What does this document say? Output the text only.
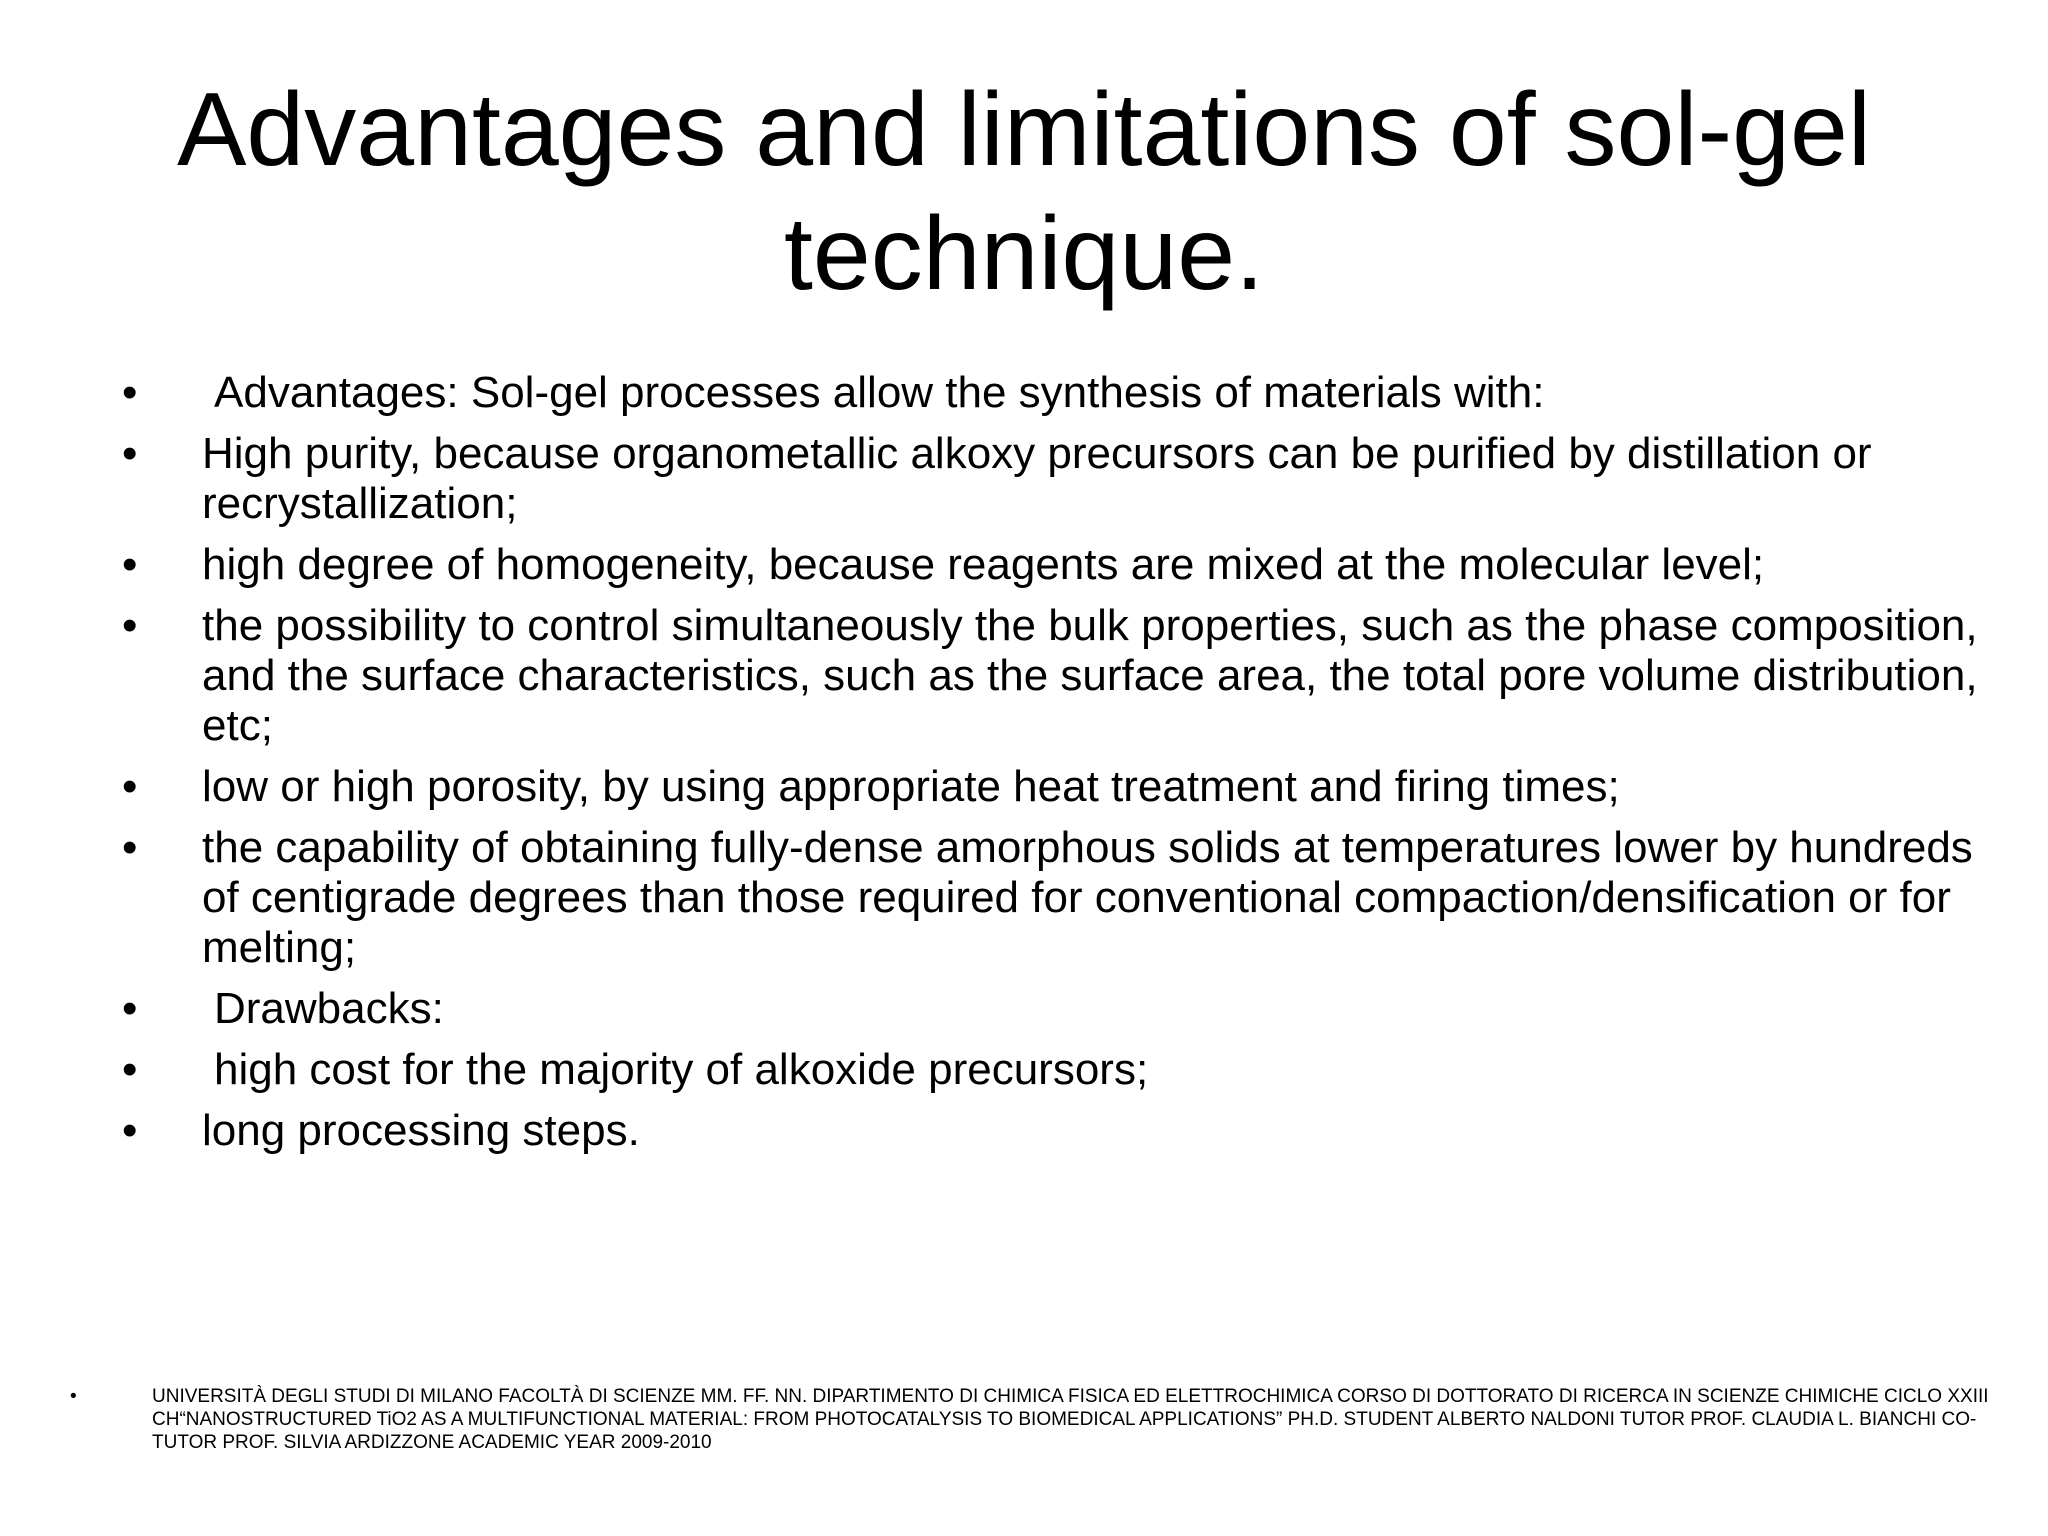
Advantages and limitations of sol-gel technique.
•	Advantages: Sol-gel processes allow the synthesis of materials with:
•	High purity, because organometallic alkoxy precursors can be purified by distillation or recrystallization;
•	high degree of homogeneity, because reagents are mixed at the molecular level;
•	the possibility to control simultaneously the bulk properties, such as the phase composition, and the surface characteristics, such as the surface area, the total pore volume distribution, etc;
•	low or high porosity, by using appropriate heat treatment and firing times;
•	the capability of obtaining fully-dense amorphous solids at temperatures lower by hundreds of centigrade degrees than those required for conventional compaction/densification or for melting;
•	Drawbacks:
•	high cost for the majority of alkoxide precursors;
•	long processing steps.
•	UNIVERSITÀ DEGLI STUDI DI MILANO FACOLTÀ DI SCIENZE MM. FF. NN. DIPARTIMENTO DI CHIMICA FISICA ED ELETTROCHIMICA CORSO DI DOTTORATO DI RICERCA IN SCIENZE CHIMICHE CICLO XXIII CH“NANOSTRUCTURED TiO2 AS A MULTIFUNCTIONAL MATERIAL: FROM PHOTOCATALYSIS TO BIOMEDICAL APPLICATIONS” PH.D. STUDENT ALBERTO NALDONI TUTOR PROF. CLAUDIA L. BIANCHI CO-TUTOR PROF. SILVIA ARDIZZONE ACADEMIC YEAR 2009-2010
